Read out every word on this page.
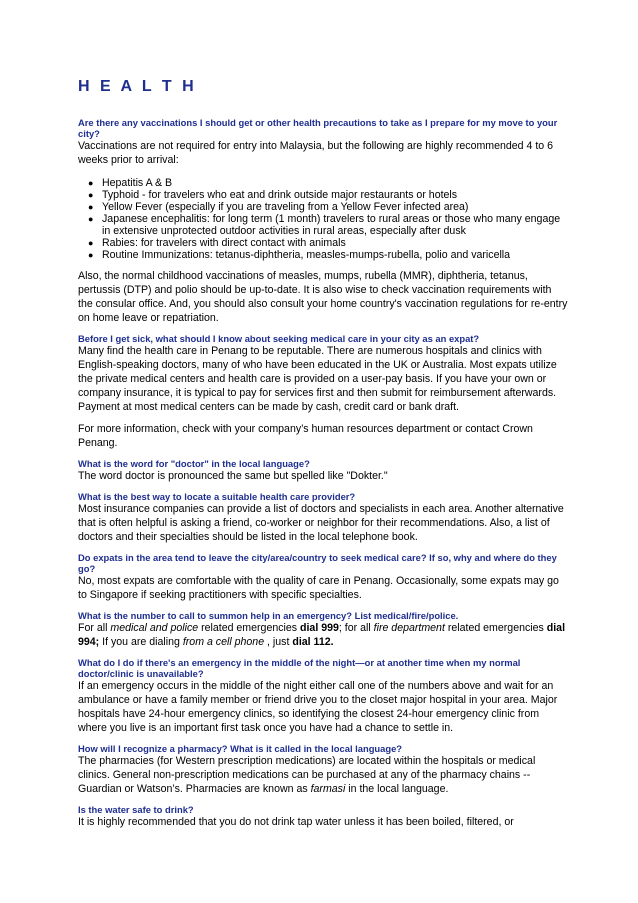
H E A L T H

Are there any vaccinations I should get or other health precautions to take as I prepare for my move to your city?

Vaccinations are not required for entry into Malaysia, but the following are highly recommended 4 to 6 weeks prior to arrival:

● Hepatitis A & B
● Typhoid - for travelers who eat and drink outside major restaurants or hotels
● Yellow Fever (especially if you are traveling from a Yellow Fever infected area)
● Japanese encephalitis: for long term (1 month) travelers to rural areas or those who many engage in extensive unprotected outdoor activities in rural areas, especially after dusk
● Rabies: for travelers with direct contact with animals
● Routine Immunizations: tetanus-diphtheria, measles-mumps-rubella, polio and varicella

Also, the normal childhood vaccinations of measles, mumps, rubella (MMR), diphtheria, tetanus, pertussis (DTP) and polio should be up-to-date. It is also wise to check vaccination requirements with the consular office. And, you should also consult your home country's vaccination regulations for re-entry on home leave or repatriation.

Before I get sick, what should I know about seeking medical care in your city as an expat?

Many find the health care in Penang to be reputable. There are numerous hospitals and clinics with English-speaking doctors, many of who have been educated in the UK or Australia. Most expats utilize the private medical centers and health care is provided on a user-pay basis. If you have your own or company insurance, it is typical to pay for services first and then submit for reimbursement afterwards. Payment at most medical centers can be made by cash, credit card or bank draft.

For more information, check with your company’s human resources department or contact Crown Penang.

What is the word for "doctor" in the local language?

The word doctor is pronounced the same but spelled like "Dokter."

What is the best way to locate a suitable health care provider?

Most insurance companies can provide a list of doctors and specialists in each area. Another alternative that is often helpful is asking a friend, co-worker or neighbor for their recommendations. Also, a list of doctors and their specialties should be listed in the local telephone book.

Do expats in the area tend to leave the city/area/country to seek medical care? If so, why and where do they go?

No, most expats are comfortable with the quality of care in Penang. Occasionally, some expats may go to Singapore if seeking practitioners with specific specialties.

What is the number to call to summon help in an emergency? List medical/fire/police.

For all medical and police related emergencies dial 999; for all fire department related emergencies dial 994; If you are dialing from a cell phone , just dial 112.

What do I do if there's an emergency in the middle of the night—or at another time when my normal doctor/clinic is unavailable?

If an emergency occurs in the middle of the night either call one of the numbers above and wait for an ambulance or have a family member or friend drive you to the closet major hospital in your area. Major hospitals have 24-hour emergency clinics, so identifying the closest 24-hour emergency clinic from where you live is an important first task once you have had a chance to settle in.

How will I recognize a pharmacy? What is it called in the local language?

The pharmacies (for Western prescription medications) are located within the hospitals or medical clinics. General non-prescription medications can be purchased at any of the pharmacy chains -- Guardian or Watson’s. Pharmacies are known as farmasi in the local language.

Is the water safe to drink?

It is highly recommended that you do not drink tap water unless it has been boiled, filtered, or
